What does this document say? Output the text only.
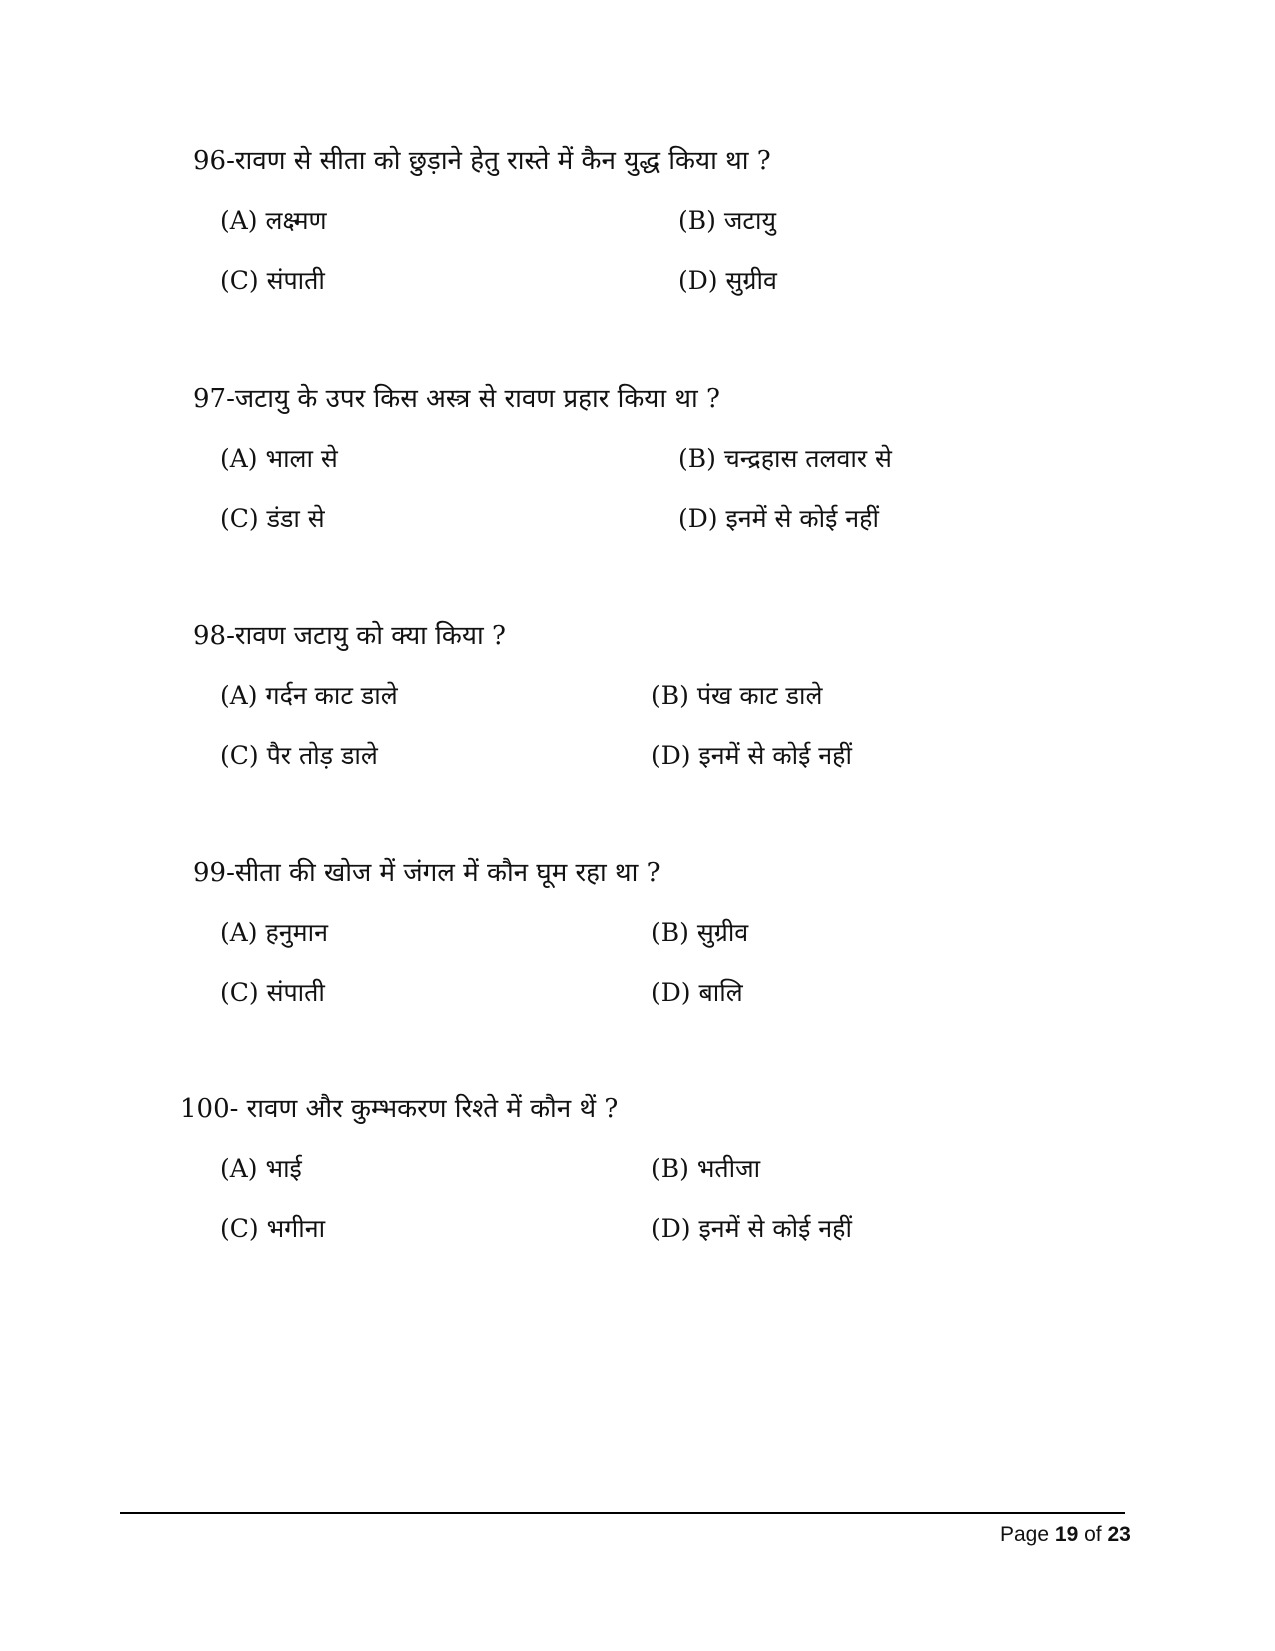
96-रावण से सीता को छुड़ाने हेतु रास्ते में कैन युद्ध किया था ?
(A) लक्ष्मण	(B) जटायु
(C) संपाती	(D) सुग्रीव
97-जटायु के उपर किस अस्त्र से रावण प्रहार किया था ?
(A) भाला से	(B) चन्द्रहास तलवार से
(C) डंडा से	(D) इनमें से कोई नहीं
98-रावण जटायु को क्या किया ?
(A) गर्दन काट डाले	(B) पंख काट डाले
(C) पैर तोड़ डाले	(D) इनमें से कोई नहीं
99-सीता की खोज में जंगल में कौन घूम रहा था ?
(A) हनुमान	(B) सुग्रीव
(C) संपाती	(D) बालि
100- रावण और कुम्भकरण रिश्ते में कौन थें ?
(A) भाई	(B) भतीजा
(C) भगीना	(D) इनमें से कोई नहीं
Page 19 of 23
